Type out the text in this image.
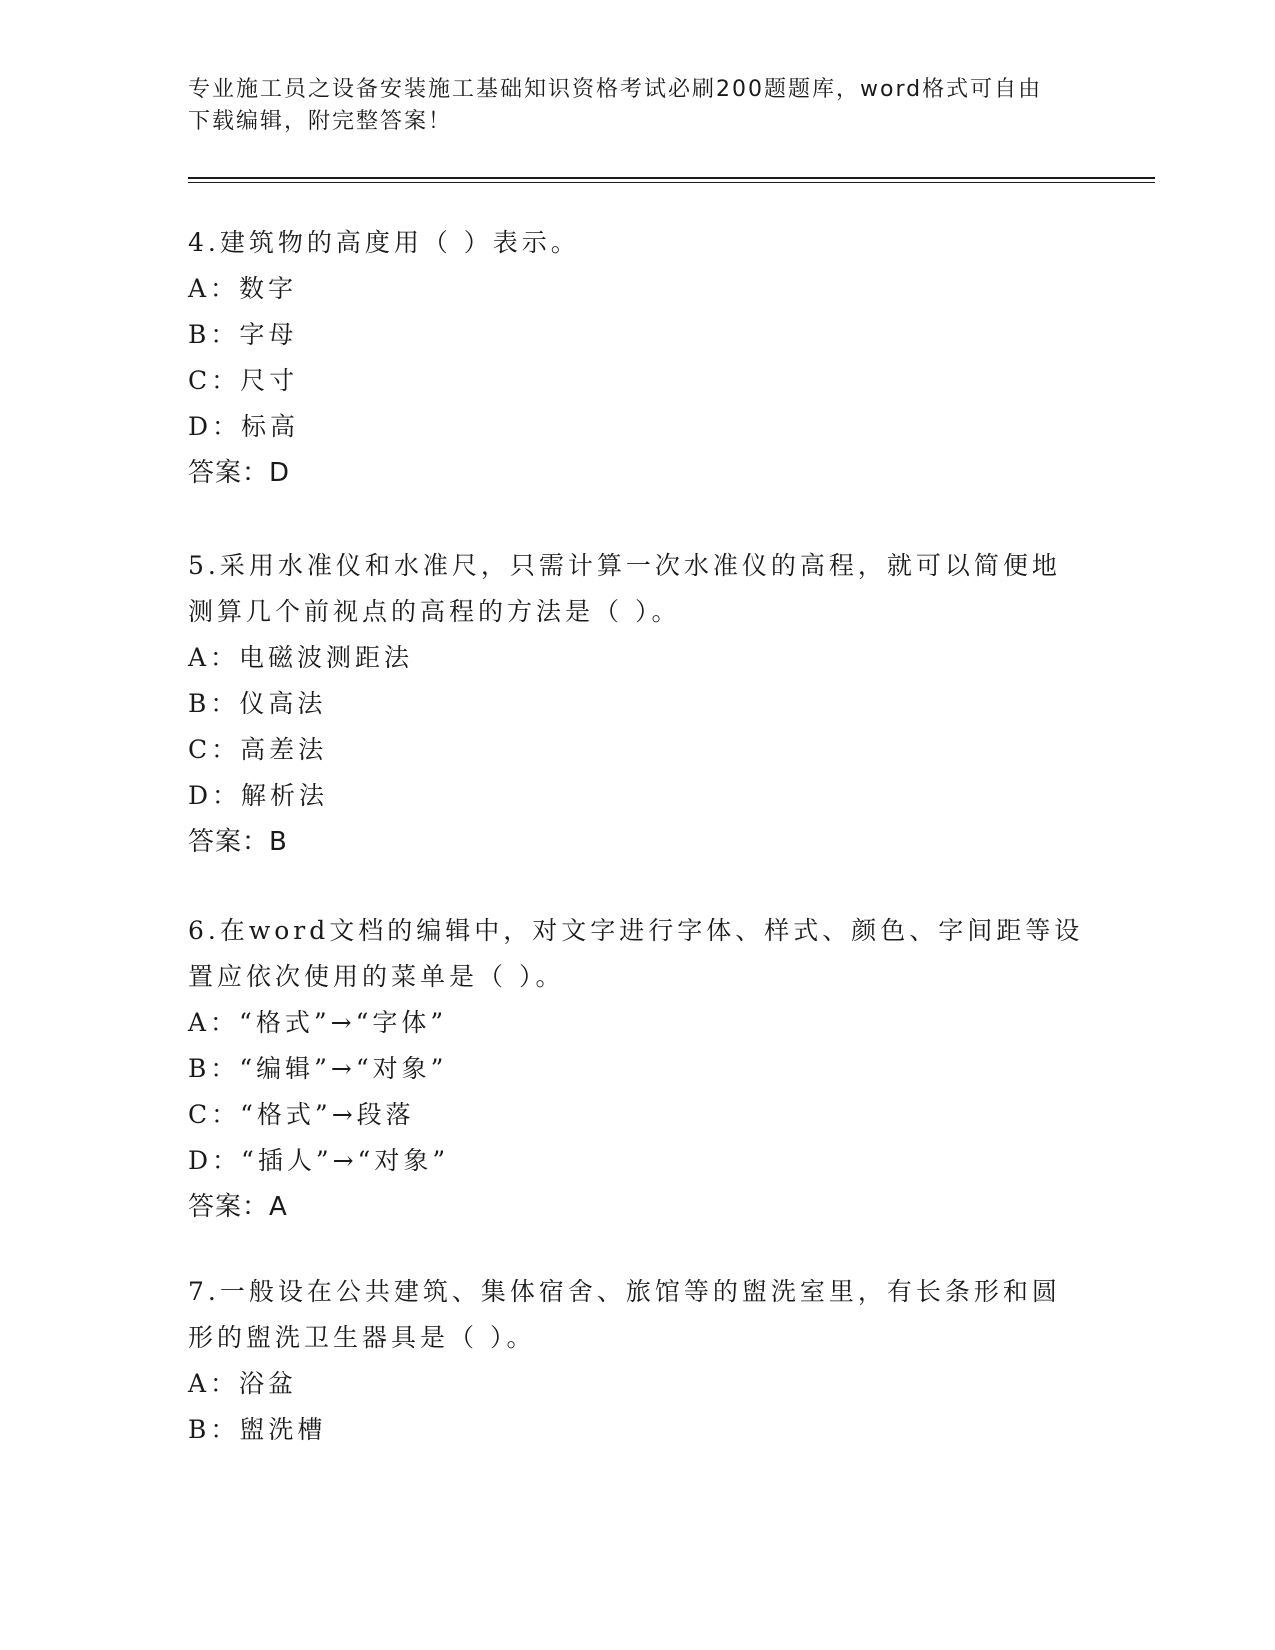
专业施工员之设备安装施工基础知识资格考试必刷200题题库，word格式可自由
下载编辑，附完整答案！
4.建筑物的高度用（ ）表示。
A：数字
B：字母
C：尺寸
D：标高
答案：D
5.采用水准仪和水准尺，只需计算一次水准仪的高程，就可以简便地
测算几个前视点的高程的方法是（ ）。
A：电磁波测距法
B：仪高法
C：高差法
D：解析法
答案：B
6.在word文档的编辑中，对文字进行字体、样式、颜色、字间距等设
置应依次使用的菜单是（ ）。
A：“格式”→“字体”
B：“编辑”→“对象”
C：“格式”→段落
D：“插人”→“对象”
答案：A
7.一般设在公共建筑、集体宿舍、旅馆等的盥洗室里，有长条形和圆
形的盥洗卫生器具是（ ）。
A：浴盆
B：盥洗槽
